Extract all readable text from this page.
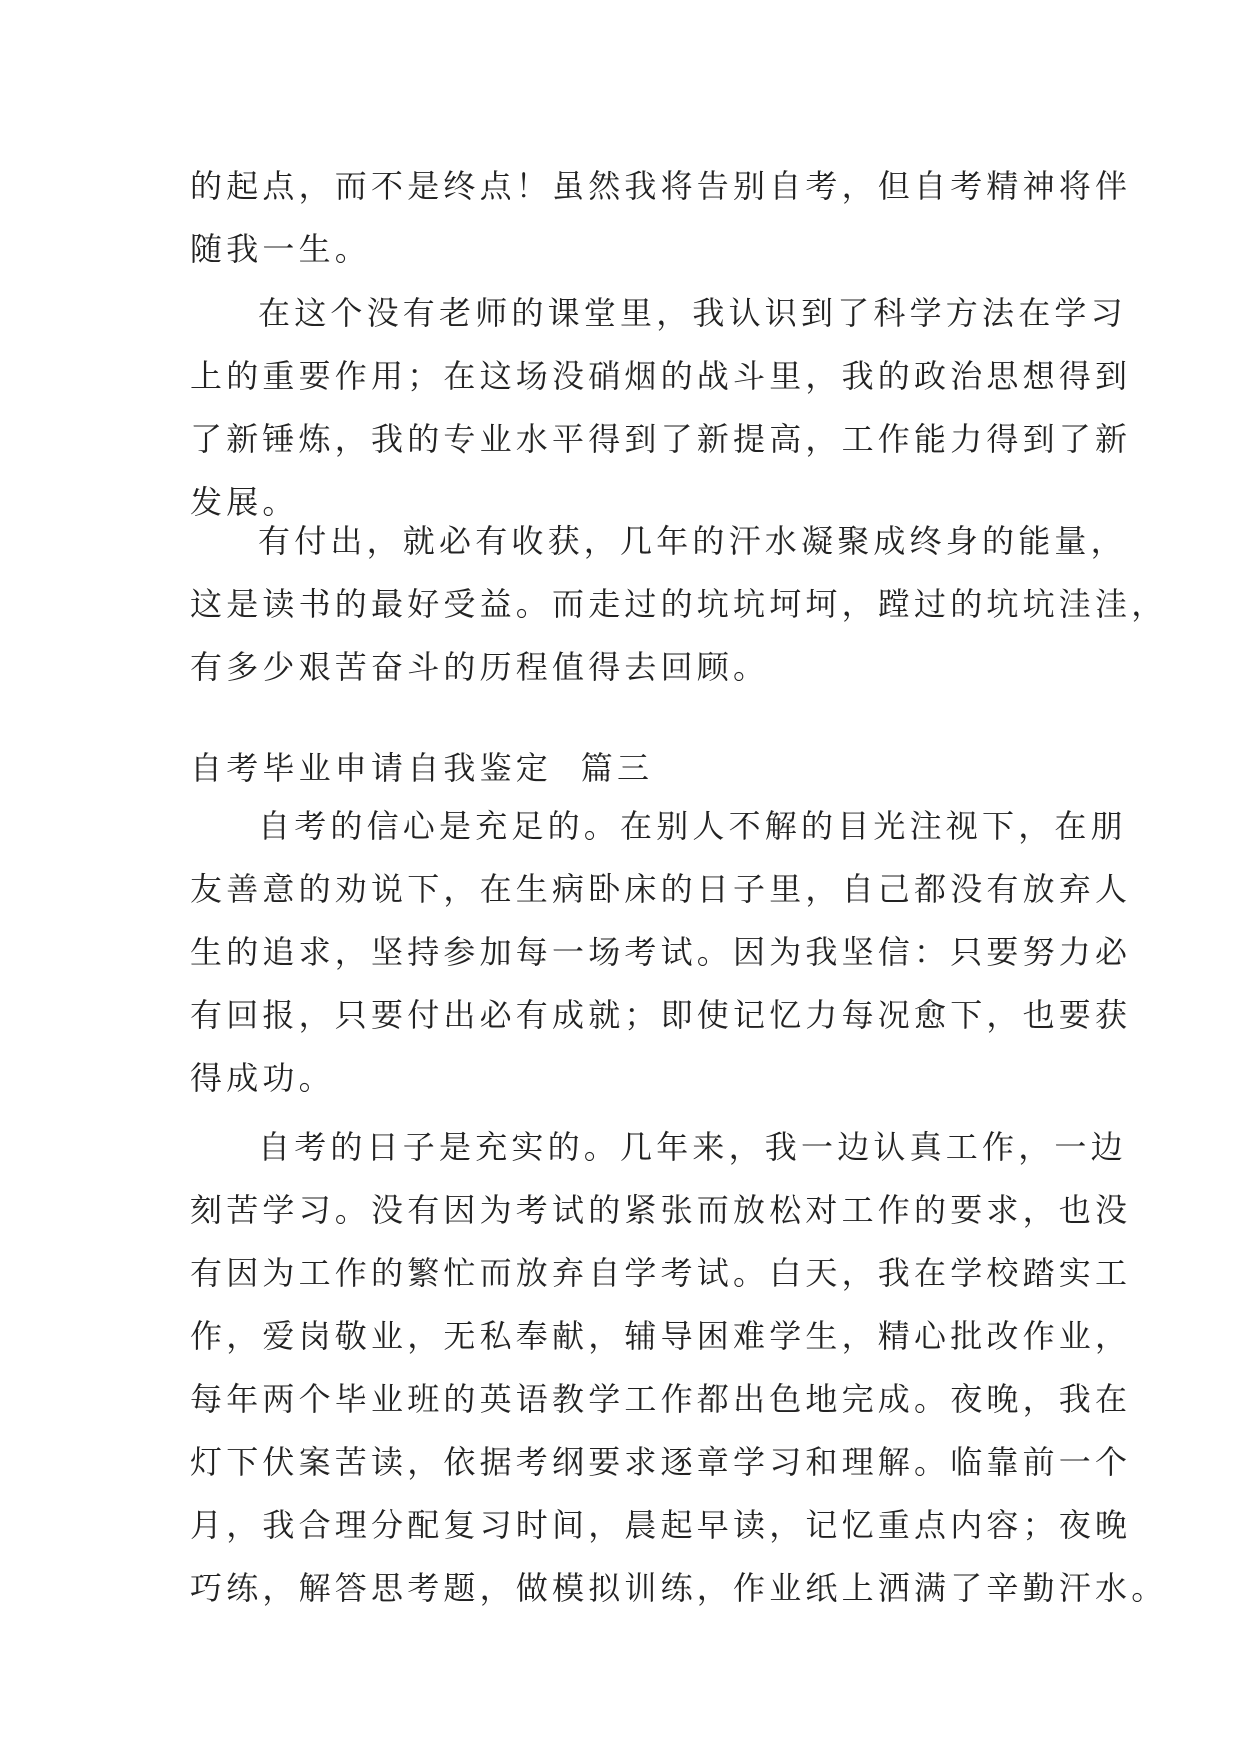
的起点，而不是终点！虽然我将告别自考，但自考精神将伴
随我一生。
在这个没有老师的课堂里，我认识到了科学方法在学习
上的重要作用；在这场没硝烟的战斗里，我的政治思想得到
了新锤炼，我的专业水平得到了新提高，工作能力得到了新
发展。
有付出，就必有收获，几年的汗水凝聚成终身的能量，
这是读书的最好受益。而走过的坑坑坷坷，蹚过的坑坑洼洼，
有多少艰苦奋斗的历程值得去回顾。
自考毕业申请自我鉴定  篇三
自考的信心是充足的。在别人不解的目光注视下，在朋
友善意的劝说下，在生病卧床的日子里，自己都没有放弃人
生的追求，坚持参加每一场考试。因为我坚信：只要努力必
有回报，只要付出必有成就；即使记忆力每况愈下，也要获
得成功。
自考的日子是充实的。几年来，我一边认真工作，一边
刻苦学习。没有因为考试的紧张而放松对工作的要求，也没
有因为工作的繁忙而放弃自学考试。白天，我在学校踏实工
作，爱岗敬业，无私奉献，辅导困难学生，精心批改作业，
每年两个毕业班的英语教学工作都出色地完成。夜晚，我在
灯下伏案苦读，依据考纲要求逐章学习和理解。临靠前一个
月，我合理分配复习时间，晨起早读，记忆重点内容；夜晚
巧练，解答思考题，做模拟训练，作业纸上洒满了辛勤汗水。
